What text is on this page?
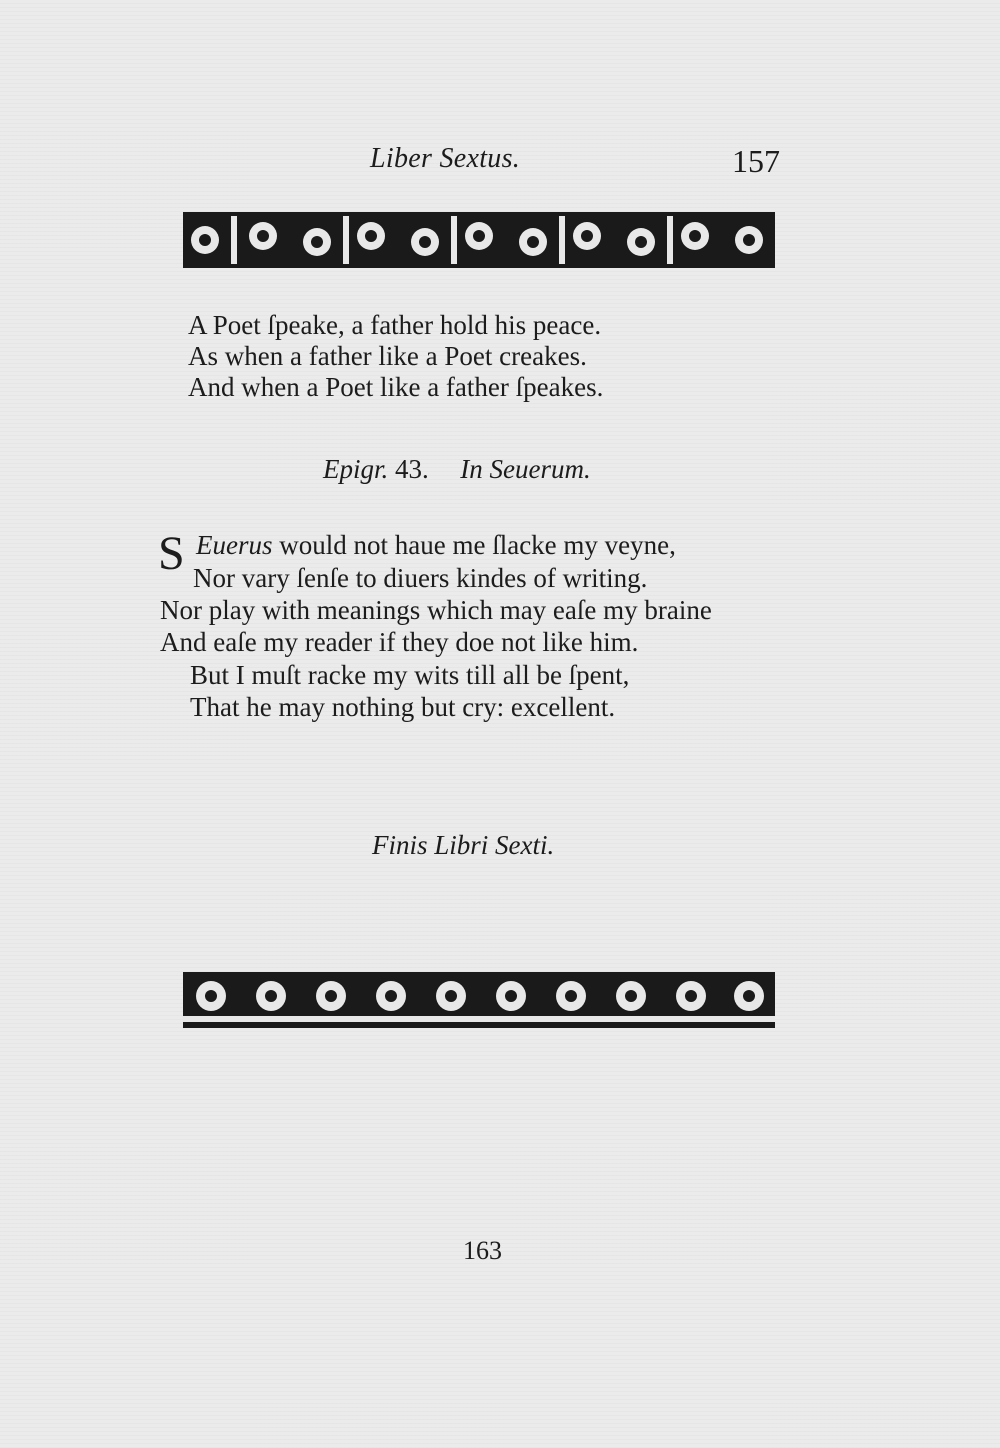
Liber Sextus.	157
A Poet ſpeake, a father hold his peace.
As when a father like a Poet creakes.
And when a Poet like a father ſpeakes.
Epigr. 43. In Seuerum.
S Euerus would not haue me ſlacke my veyne,
Nor vary ſenſe to diuers kindes of writing.
Nor play with meanings which may eaſe my braine
And eaſe my reader if they doe not like him.
But I muſt racke my wits till all be ſpent,
That he may nothing but cry: excellent.
Finis Libri Sexti.
163
